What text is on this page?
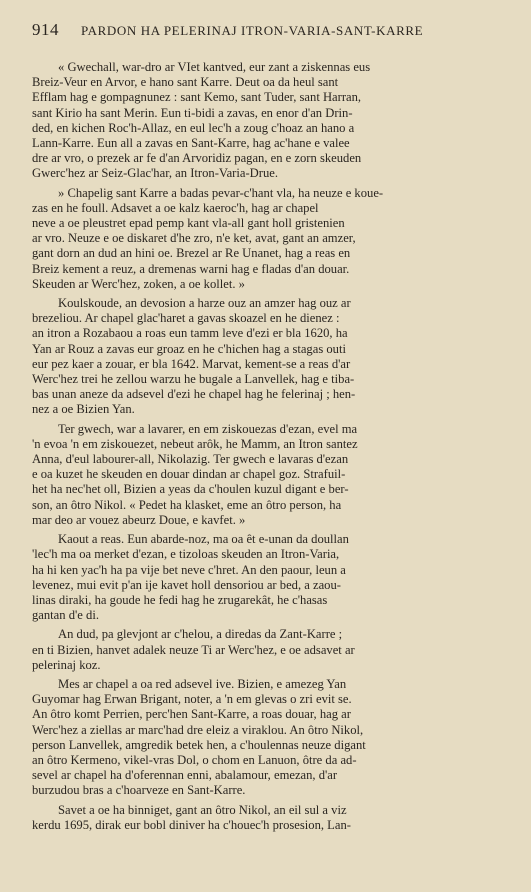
914 PARDON HA PELERINAJ ITRON-VARIA-SANT-KARRE
« Gwechall, war-dro ar VIet kantved, eur zant a ziskennas eus
Breiz-Veur en Arvor, e hano sant Karre. Deut oa da heul sant
Efflam hag e gompagnunez : sant Kemo, sant Tuder, sant Harran,
sant Kirio ha sant Merin. Eun ti-bidi a zavas, en enor d'an Drin-
ded, en kichen Roc'h-Allaz, en eul lec'h a zoug c'hoaz an hano a
Lann-Karre. Eun all a zavas en Sant-Karre, hag ac'hane e valee
dre ar vro, o prezek ar fe d'an Arvoridiz pagan, en e zorn skeuden
Gwerc'hez ar Seiz-Glac'har, an Itron-Varia-Drue.
» Chapelig sant Karre a badas pevar-c'hant vla, ha neuze e koue-
zas en he foull. Adsavet a oe kalz kaeroc'h, hag ar chapel
neve a oe pleustret epad pemp kant vla-all gant holl gristenien
ar vro. Neuze e oe diskaret d'he zro, n'e ket, avat, gant an amzer,
gant dorn an dud an hini oe. Brezel ar Re Unanet, hag a reas en
Breiz kement a reuz, a dremenas warni hag e fladas d'an douar.
Skeuden ar Werc'hez, zoken, a oe kollet. »
Koulskoude, an devosion a harze ouz an amzer hag ouz ar
brezeliou. Ar chapel glac'haret a gavas skoazel en he dienez :
an itron a Rozabaou a roas eun tamm leve d'ezi er bla 1620, ha
Yan ar Rouz a zavas eur groaz en he c'hichen hag a stagas outi
eur pez kaer a zouar, er bla 1642. Marvat, kement-se a reas d'ar
Werc'hez trei he zellou warzu he bugale a Lanvellek, hag e tiba-
bas unan aneze da adsevel d'ezi he chapel hag he felerinaj ; hen-
nez a oe Bizien Yan.
Ter gwech, war a lavarer, en em ziskouezas d'ezan, evel ma
'n evoa 'n em ziskouezet, nebeut arôk, he Mamm, an Itron santez
Anna, d'eul labourer-all, Nikolazig. Ter gwech e lavaras d'ezan
e oa kuzet he skeuden en douar dindan ar chapel goz. Strafuil-
het ha nec'het oll, Bizien a yeas da c'houlen kuzul digant e ber-
son, an ôtro Nikol. « Pedet ha klasket, eme an ôtro person, ha
mar deo ar vouez abeurz Doue, e kavfet. »
Kaout a reas. Eun abarde-noz, ma oa êt e-unan da doullan
'lec'h ma oa merket d'ezan, e tizoloas skeuden an Itron-Varia,
ha hi ken yac'h ha pa vije bet neve c'hret. An den paour, leun a
levenez, mui evit p'an ije kavet holl densoriou ar bed, a zaou-
linas diraki, ha goude he fedi hag he zrugarekât, he c'hasas
gantan d'e di.
An dud, pa glevjont ar c'helou, a diredas da Zant-Karre ;
en ti Bizien, hanvet adalek neuze Ti ar Werc'hez, e oe adsavet ar
pelerinaj koz.
Mes ar chapel a oa red adsevel ive. Bizien, e amezeg Yan
Guyomar hag Erwan Brigant, noter, a 'n em glevas o zri evit se.
An ôtro komt Perrien, perc'hen Sant-Karre, a roas douar, hag ar
Werc'hez a ziellas ar marc'had dre eleiz a viraklou. An ôtro Nikol,
person Lanvellek, amgredik betek hen, a c'houlennas neuze digant
an ôtro Kermeno, vikel-vras Dol, o chom en Lanuon, ôtre da ad-
sevel ar chapel ha d'oferennan enni, abalamour, emezan, d'ar
burzudou bras a c'hoarveze en Sant-Karre.
Savet a oe ha binniget, gant an ôtro Nikol, an eil sul a viz
kerdu 1695, dirak eur bobl diniver ha c'houec'h prosesion, Lan-
